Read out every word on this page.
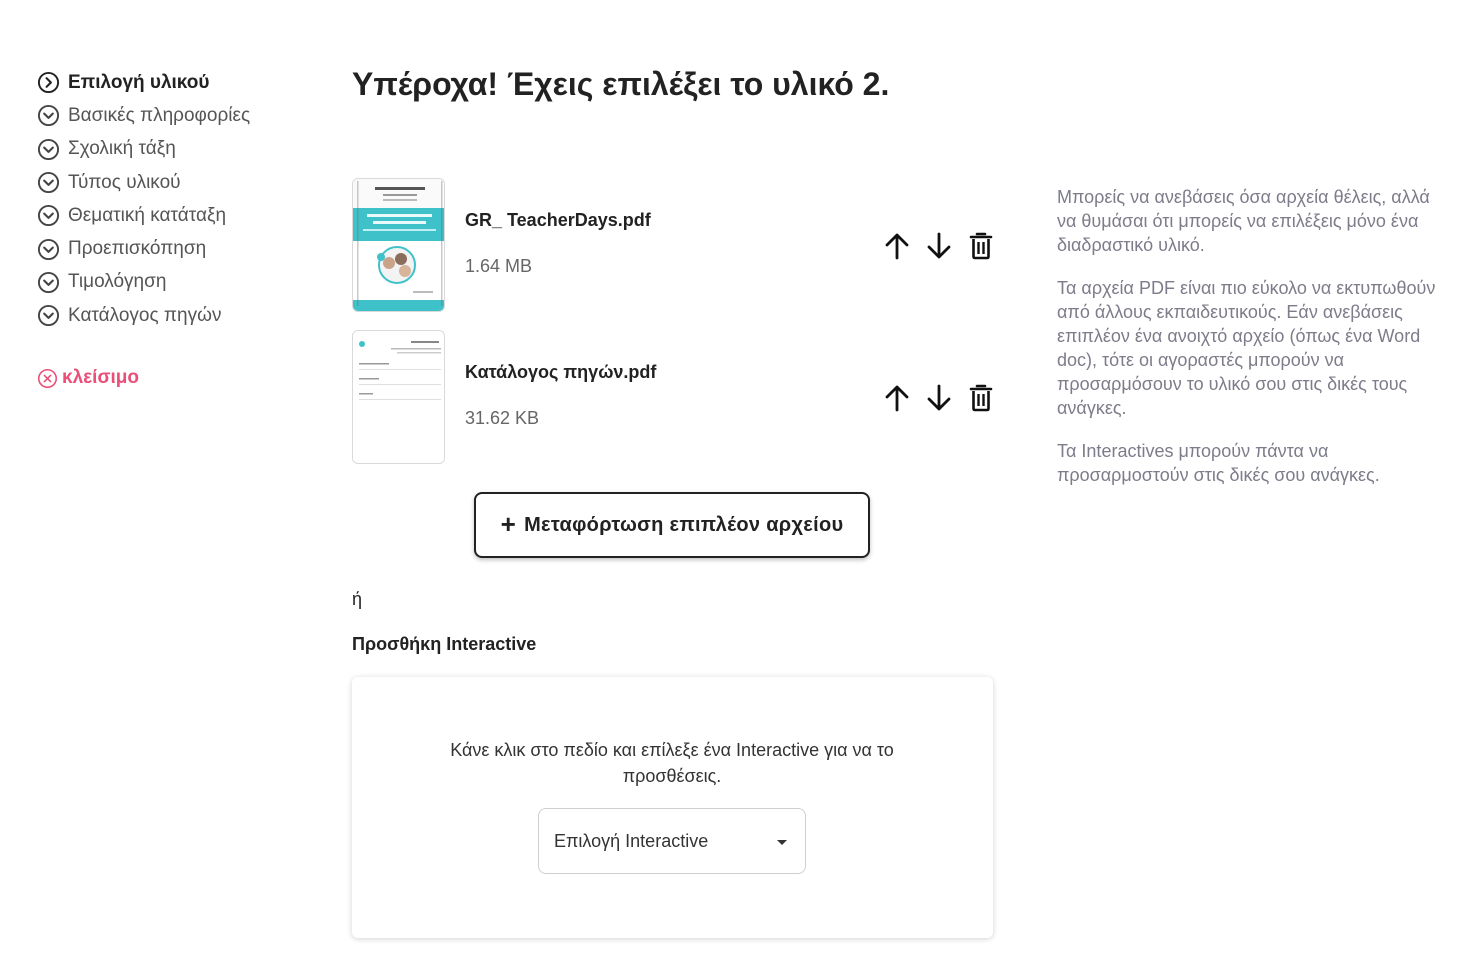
Επιλογή υλικού
Βασικές πληροφορίες
Σχολική τάξη
Τύπος υλικού
Θεματική κατάταξη
Προεπισκόπηση
Τιμολόγηση
Κατάλογος πηγών
κλείσιμο
Υπέροχα! Έχεις επιλέξει το υλικό 2.
GR_ TeacherDays.pdf
1.64 MB
Κατάλογος πηγών.pdf
31.62 KB
+ Μεταφόρτωση επιπλέον αρχείου
ή
Προσθήκη Interactive
Κάνε κλικ στο πεδίο και επίλεξε ένα Interactive για να το προσθέσεις.
Επιλογή Interactive

Μπορείς να ανεβάσεις όσα αρχεία θέλεις, αλλά να θυμάσαι ότι μπορείς να επιλέξεις μόνο ένα διαδραστικό υλικό.

Τα αρχεία PDF είναι πιο εύκολο να εκτυπωθούν από άλλους εκπαιδευτικούς. Εάν ανεβάσεις επιπλέον ένα ανοιχτό αρχείο (όπως ένα Word doc), τότε οι αγοραστές μπορούν να προσαρμόσουν το υλικό σου στις δικές τους ανάγκες.

Τα Interactives μπορούν πάντα να προσαρμοστούν στις δικές σου ανάγκες.
